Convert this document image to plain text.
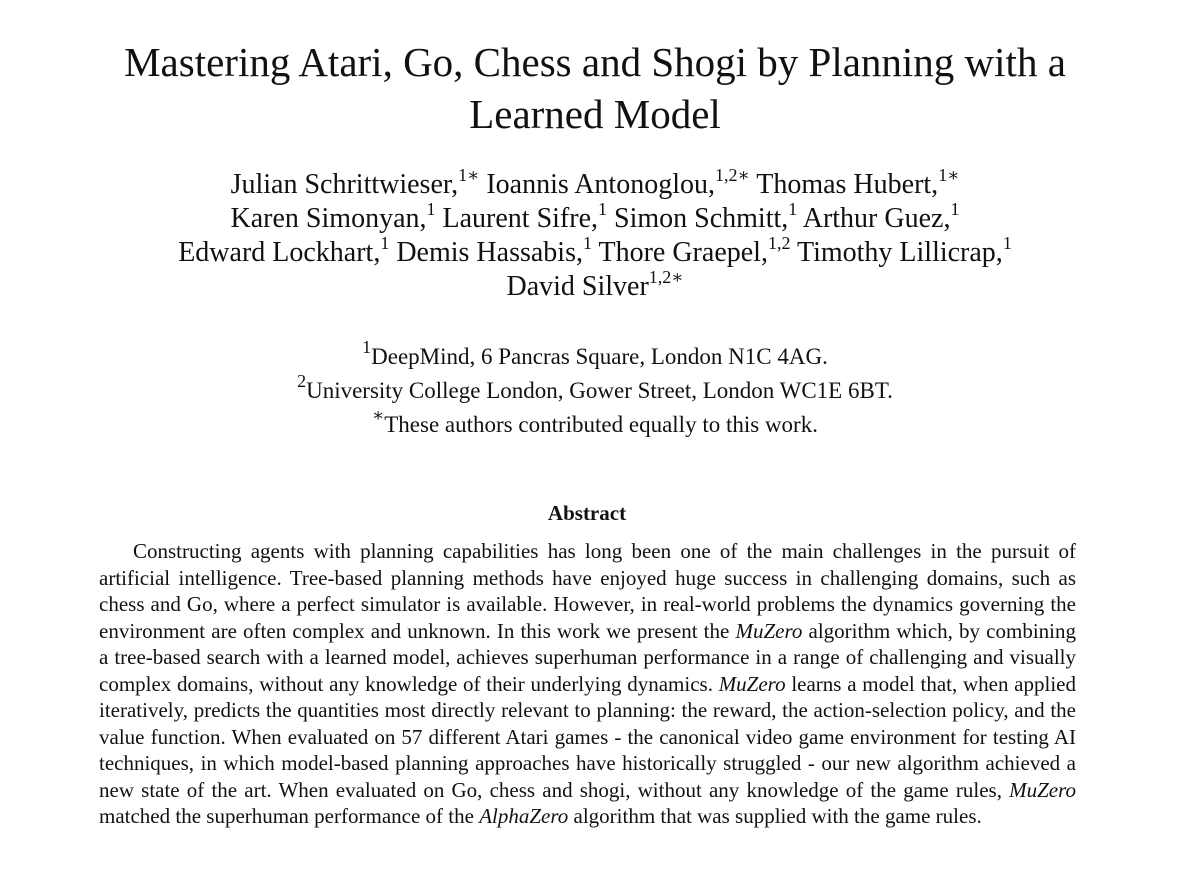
Mastering Atari, Go, Chess and Shogi by Planning with a Learned Model
Julian Schrittwieser,$^{1∗}$ Ioannis Antonoglou,$^{1,2∗}$ Thomas Hubert,$^{1∗}$
Karen Simonyan,$^1$ Laurent Sifre,$^1$ Simon Schmitt,$^1$ Arthur Guez,$^1$
Edward Lockhart,$^1$ Demis Hassabis,$^1$ Thore Graepel,$^{1,2}$ Timothy Lillicrap,$^1$
David Silver$^{1,2∗}$
$^1$DeepMind, 6 Pancras Square, London N1C 4AG.
$^2$University College London, Gower Street, London WC1E 6BT.
∗These authors contributed equally to this work.
Abstract

Constructing agents with planning capabilities has long been one of the main challenges in the pursuit of artificial intelligence. Tree-based planning methods have enjoyed huge success in challenging domains, such as chess and Go, where a perfect simulator is available. However, in real-world problems the dynamics governing the environment are often complex and unknown. In this work we present the MuZero algorithm which, by combining a tree-based search with a learned model, achieves superhuman performance in a range of challenging and visually complex domains, without any knowledge of their underlying dynamics. MuZero learns a model that, when applied iteratively, predicts the quantities most directly relevant to planning: the reward, the action-selection policy, and the value function. When evaluated on 57 different Atari games - the canonical video game environment for testing AI techniques, in which model-based planning approaches have historically struggled - our new algorithm achieved a new state of the art. When evaluated on Go, chess and shogi, without any knowledge of the game rules, MuZero matched the superhuman performance of the AlphaZero algorithm that was supplied with the game rules.
